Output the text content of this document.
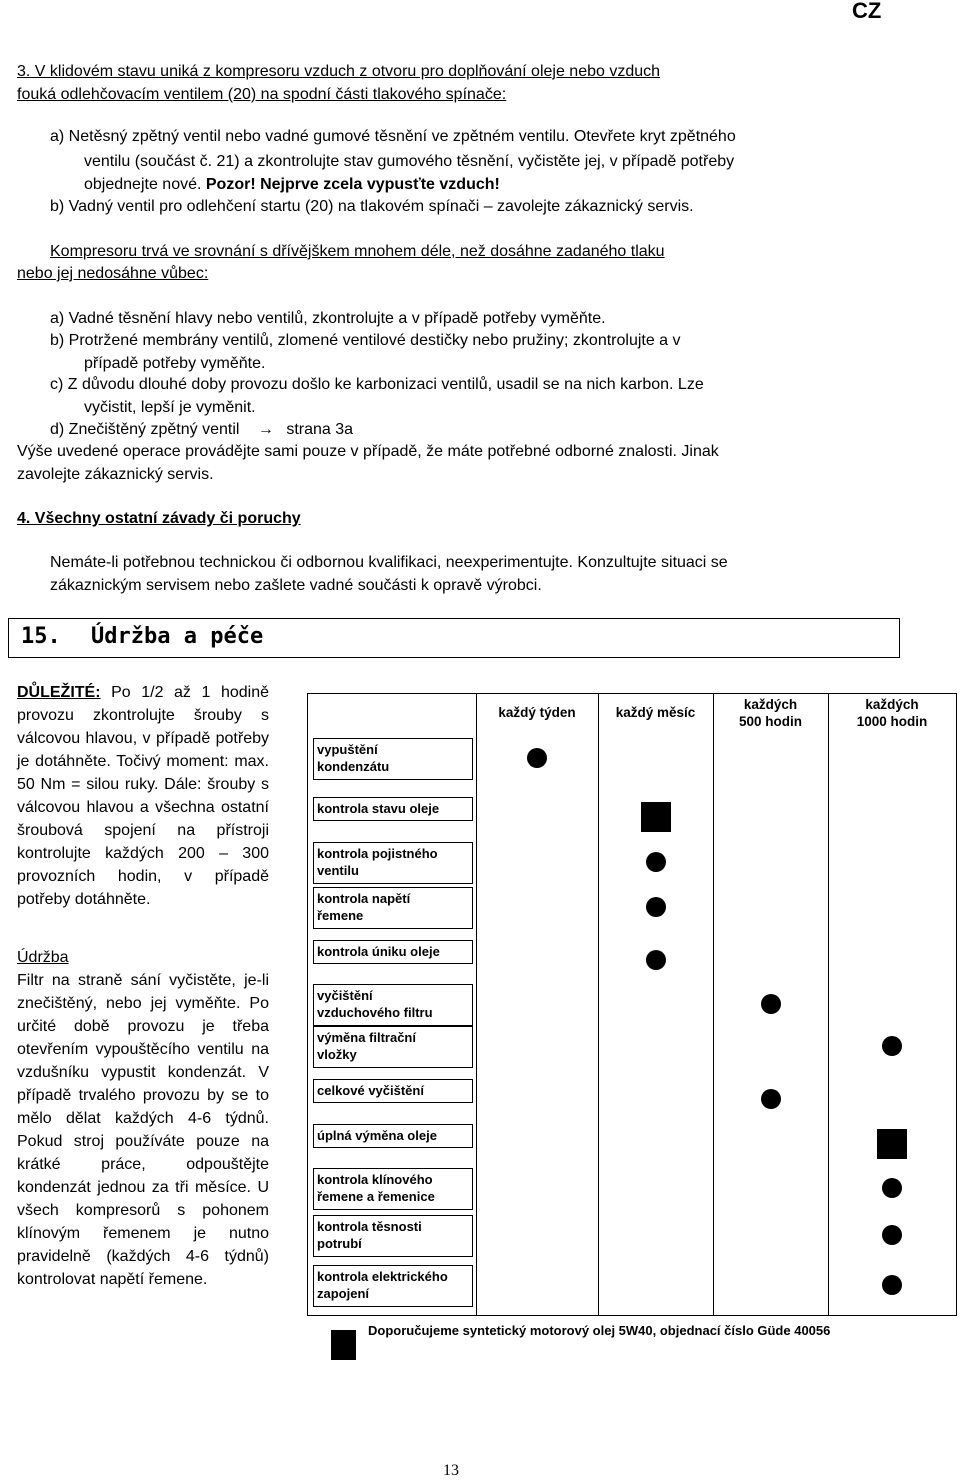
CZ
3. V klidovém stavu uniká z kompresoru vzduch z otvoru pro doplňování oleje nebo vzduch
fouká odlehčovacím ventilem (20) na spodní části tlakového spínače:
a) Netěsný zpětný ventil nebo vadné gumové těsnění ve zpětném ventilu. Otevřete kryt zpětného
ventilu (součást č. 21) a zkontrolujte stav gumového těsnění, vyčistěte jej, v případě potřeby
objednejte nové. Pozor! Nejprve zcela vypusťte vzduch!
b) Vadný ventil pro odlehčení startu (20) na tlakovém spínači – zavolejte zákaznický servis.
Kompresoru trvá ve srovnání s dřívějškem mnohem déle, než dosáhne zadaného tlaku
nebo jej nedosáhne vůbec:
a) Vadné těsnění hlavy nebo ventilů, zkontrolujte a v případě potřeby vyměňte.
b) Protržené membrány ventilů, zlomené ventilové destičky nebo pružiny; zkontrolujte a v
případě potřeby vyměňte.
c) Z důvodu dlouhé doby provozu došlo ke karbonizaci ventilů, usadil se na nich karbon. Lze
vyčistit, lepší je vyměnit.
d) Znečištěný zpětný ventil → strana 3a
Výše uvedené operace provádějte sami pouze v případě, že máte potřebné odborné znalosti. Jinak
zavolejte zákaznický servis.
4. Všechny ostatní závady či poruchy
Nemáte-li potřebnou technickou či odbornou kvalifikaci, neexperimentujte. Konzultujte situaci se
zákaznickým servisem nebo zašlete vadné součásti k opravě výrobci.
15. Údržba a péče
DŮLEŽITÉ: Po 1/2 až 1 hodině provozu zkontrolujte šrouby s válcovou hlavou, v případě potřeby je dotáhněte. Točivý moment: max. 50 Nm = silou ruky. Dále: šrouby s válcovou hlavou a všechna ostatní šroubová spojení na přístroji kontrolujte každých 200 – 300 provozních hodin, v případě potřeby dotáhněte.
Údržba
Filtr na straně sání vyčistěte, je-li znečištěný, nebo jej vyměňte. Po určité době provozu je třeba otevřením vypouštěcího ventilu na vzdušníku vypustit kondenzát. V případě trvalého provozu by se to mělo dělat každých 4-6 týdnů. Pokud stroj používáte pouze na krátké práce, odpouštějte kondenzát jednou za tři měsíce. U všech kompresorů s pohonem klínovým řemenem je nutno pravidelně (každých 4-6 týdnů) kontrolovat napětí řemene.
každý týden	každý měsíc
každých
500 hodin
každých
1000 hodin
vypuštění
kondenzátu
kontrola stavu oleje
kontrola pojistného
ventilu
kontrola napětí
řemene
kontrola úniku oleje
vyčištění
vzduchového filtru
výměna filtrační
vložky
celkové vyčištění
úplná výměna oleje
kontrola klínového
řemene a řemenice
kontrola těsnosti
potrubí
kontrola elektrického
zapojení
Doporučujeme syntetický motorový olej 5W40, objednací číslo Güde 40056
13
